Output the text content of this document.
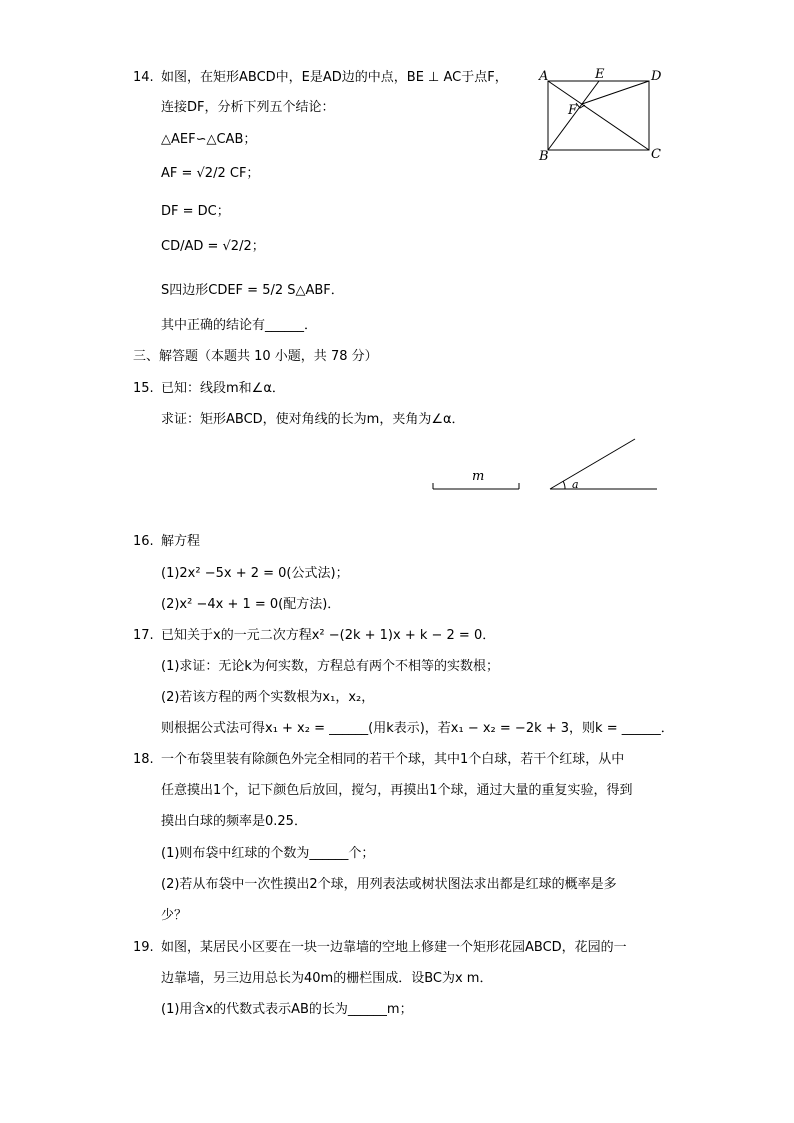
14. 如图，在矩形ABCD中，E是AD边的中点，BE ⊥ AC于点F，
连接DF，分析下列五个结论：
△AEF∽△CAB；
AF = √2/2 CF；
DF = DC；
CD/AD = √2/2；
S四边形CDEF = 5/2 S△ABF．
其中正确的结论有______．
A	E	D
F
B	C
三、解答题（本题共 10 小题，共 78 分）
15. 已知：线段m和∠α．
求证：矩形ABCD，使对角线的长为m，夹角为∠α．
m
a
16. 解方程
(1)2x² −5x + 2 = 0(公式法)；
(2)x² −4x + 1 = 0(配方法)．
17. 已知关于x的一元二次方程x² −(2k + 1)x + k − 2 = 0．
(1)求证：无论k为何实数，方程总有两个不相等的实数根；
(2)若该方程的两个实数根为x₁，x₂，
则根据公式法可得x₁ + x₂ = ______(用k表示)，若x₁ − x₂ = −2k + 3，则k = ______．
18. 一个布袋里装有除颜色外完全相同的若干个球，其中1个白球，若干个红球，从中
任意摸出1个，记下颜色后放回，搅匀，再摸出1个球，通过大量的重复实验，得到
摸出白球的频率是0.25．
(1)则布袋中红球的个数为______个；
(2)若从布袋中一次性摸出2个球，用列表法或树状图法求出都是红球的概率是多
少？
19. 如图，某居民小区要在一块一边靠墙的空地上修建一个矩形花园ABCD，花园的一
边靠墙，另三边用总长为40m的栅栏围成．设BC为x m．
(1)用含x的代数式表示AB的长为______m；
